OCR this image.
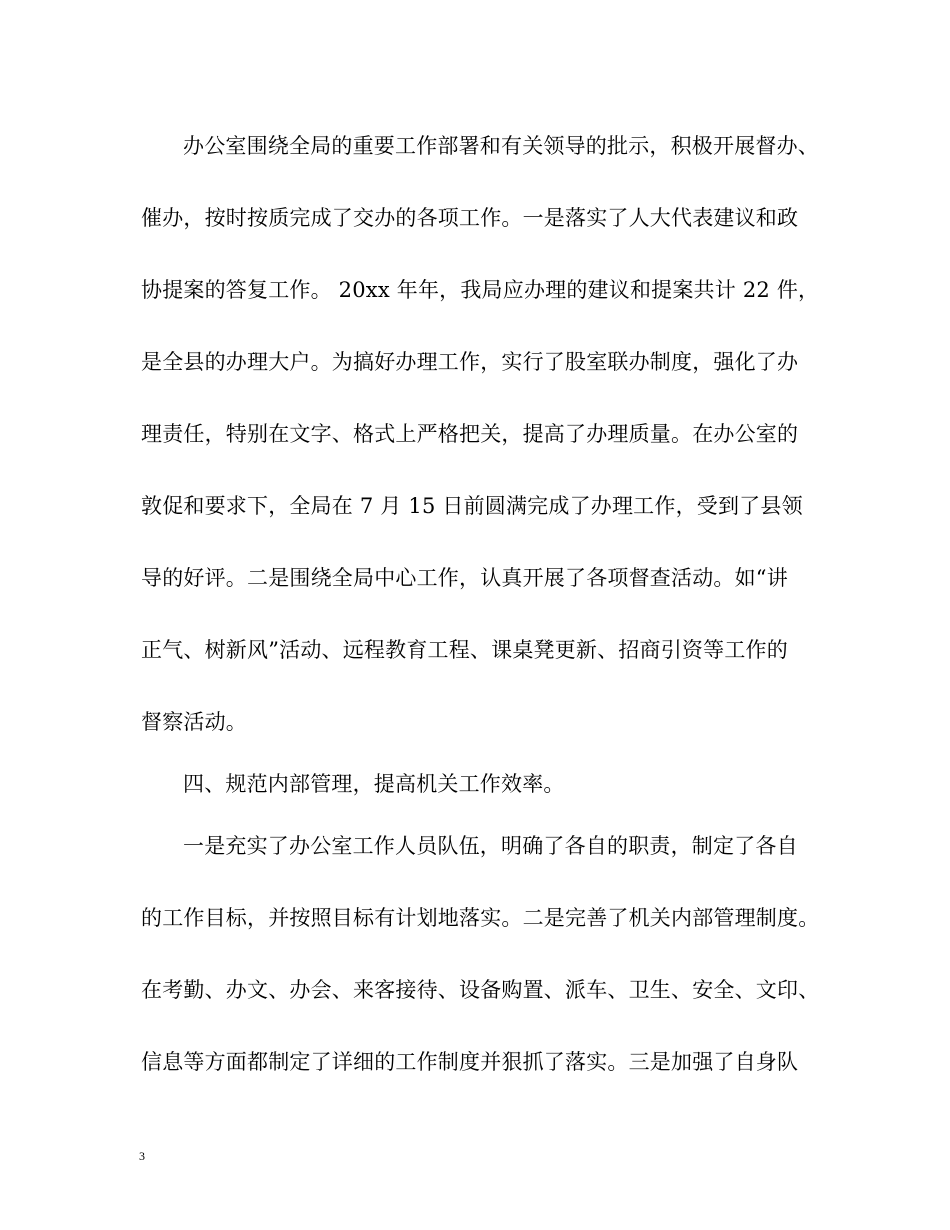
办公室围绕全局的重要工作部署和有关领导的批示，积极开展督办、
催办，按时按质完成了交办的各项工作。一是落实了人大代表建议和政
协提案的答复工作。 20xx 年年，我局应办理的建议和提案共计 22 件，
是全县的办理大户。为搞好办理工作，实行了股室联办制度，强化了办
理责任，特别在文字、格式上严格把关，提高了办理质量。在办公室的
敦促和要求下，全局在 7 月 15 日前圆满完成了办理工作，受到了县领
导的好评。二是围绕全局中心工作，认真开展了各项督查活动。如“讲
正气、树新风”活动、远程教育工程、课桌凳更新、招商引资等工作的
督察活动。
四、规范内部管理，提高机关工作效率。
一是充实了办公室工作人员队伍，明确了各自的职责，制定了各自
的工作目标，并按照目标有计划地落实。二是完善了机关内部管理制度。
在考勤、办文、办会、来客接待、设备购置、派车、卫生、安全、文印、
信息等方面都制定了详细的工作制度并狠抓了落实。三是加强了自身队
3
